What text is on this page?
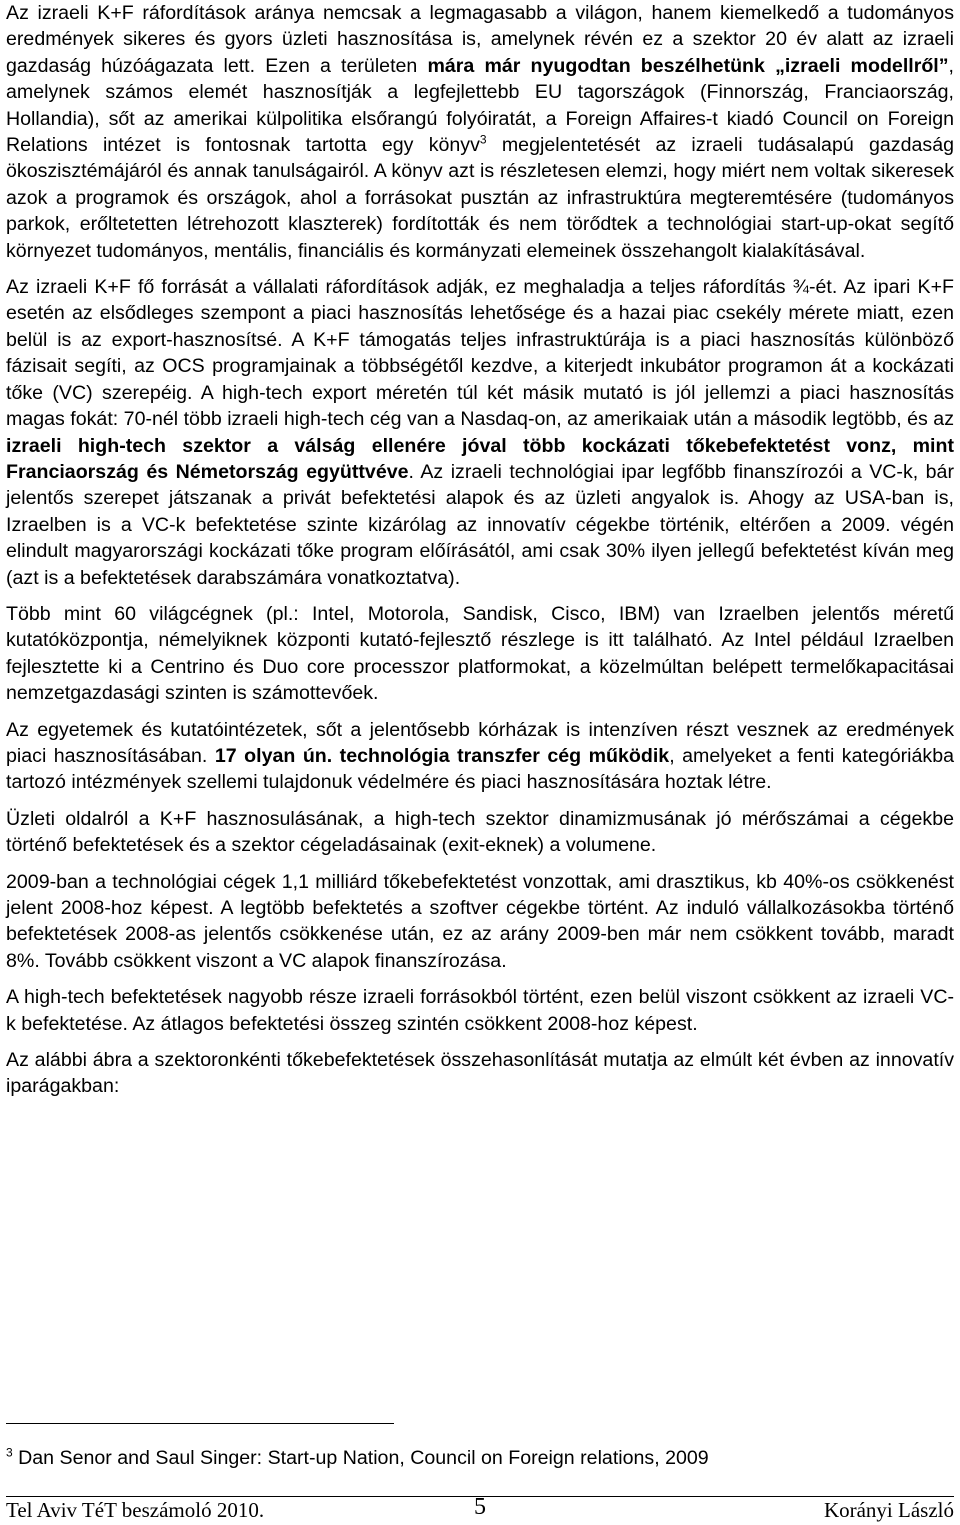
Az izraeli K+F ráfordítások aránya nemcsak a legmagasabb a világon, hanem kiemelkedő a tudományos eredmények sikeres és gyors üzleti hasznosítása is, amelynek révén ez a szektor 20 év alatt az izraeli gazdaság húzóágazata lett. Ezen a területen mára már nyugodtan beszélhetünk „izraeli modellről”, amelynek számos elemét hasznosítják a legfejlettebb EU tagországok (Finnország, Franciaország, Hollandia), sőt az amerikai külpolitika elsőrangú folyóiratát, a Foreign Affaires-t kiadó Council on Foreign Relations intézet is fontosnak tartotta egy könyv$^3$ megjelentetését az izraeli tudásalapú gazdaság ökoszisztémájáról és annak tanulságairól. A könyv azt is részletesen elemzi, hogy miért nem voltak sikeresek azok a programok és országok, ahol a forrásokat pusztán az infrastruktúra megteremtésére (tudományos parkok, erőltetetten létrehozott klaszterek) fordították és nem törődtek a technológiai start-up-okat segítő környezet tudományos, mentális, financiális és kormányzati elemeinek összehangolt kialakításával.

Az izraeli K+F fő forrását a vállalati ráfordítások adják, ez meghaladja a teljes ráfordítás ¾-ét. Az ipari K+F esetén az elsődleges szempont a piaci hasznosítás lehetősége és a hazai piac csekély mérete miatt, ezen belül is az export-hasznosítsé. A K+F támogatás teljes infrastruktúrája is a piaci hasznosítás különböző fázisait segíti, az OCS programjainak a többségétől kezdve, a kiterjedt inkubátor programon át a kockázati tőke (VC) szerepéig. A high-tech export méretén túl két másik mutató is jól jellemzi a piaci hasznosítás magas fokát: 70-nél több izraeli high-tech cég van a Nasdaq-on, az amerikaiak után a második legtöbb, és az izraeli high-tech szektor a válság ellenére jóval több kockázati tőkebefektetést vonz, mint Franciaország és Németország együttvéve. Az izraeli technológiai ipar legfőbb finanszírozói a VC-k, bár jelentős szerepet játszanak a privát befektetési alapok és az üzleti angyalok is. Ahogy az USA-ban is, Izraelben is a VC-k befektetése szinte kizárólag az innovatív cégekbe történik, eltérően a 2009. végén elindult magyarországi kockázati tőke program előírásától, ami csak 30% ilyen jellegű befektetést kíván meg (azt is a befektetések darabszámára vonatkoztatva).

Több mint 60 világcégnek (pl.: Intel, Motorola, Sandisk, Cisco, IBM) van Izraelben jelentős méretű kutatóközpontja, némelyiknek központi kutató-fejlesztő részlege is itt található. Az Intel például Izraelben fejlesztette ki a Centrino és Duo core processzor platformokat, a közelmúltan belépett termelőkapacitásai nemzetgazdasági szinten is számottevőek.

Az egyetemek és kutatóintézetek, sőt a jelentősebb kórházak is intenzíven részt vesznek az eredmények piaci hasznosításában. 17 olyan ún. technológia transzfer cég működik, amelyeket a fenti kategóriákba tartozó intézmények szellemi tulajdonuk védelmére és piaci hasznosítására hoztak létre.

Üzleti oldalról a K+F hasznosulásának, a high-tech szektor dinamizmusának jó mérőszámai a cégekbe történő befektetések és a szektor cégeladásainak (exit-eknek) a volumene.

2009-ban a technológiai cégek 1,1 milliárd tőkebefektetést vonzottak, ami drasztikus, kb 40%-os csökkenést jelent 2008-hoz képest. A legtöbb befektetés a szoftver cégekbe történt. Az induló vállalkozásokba történő befektetések 2008-as jelentős csökkenése után, ez az arány 2009-ben már nem csökkent tovább, maradt 8%. Tovább csökkent viszont a VC alapok finanszírozása.

A high-tech befektetések nagyobb része izraeli forrásokból történt, ezen belül viszont csökkent az izraeli VC-k befektetése. Az átlagos befektetési összeg szintén csökkent 2008-hoz képest.

Az alábbi ábra a szektoronkénti tőkebefektetések összehasonlítását mutatja az elmúlt két évben az innovatív iparágakban:

$^3$ Dan Senor and Saul Singer: Start-up Nation, Council on Foreign relations, 2009
Tel Aviv TéT beszámoló 2010.	5	Korányi László
